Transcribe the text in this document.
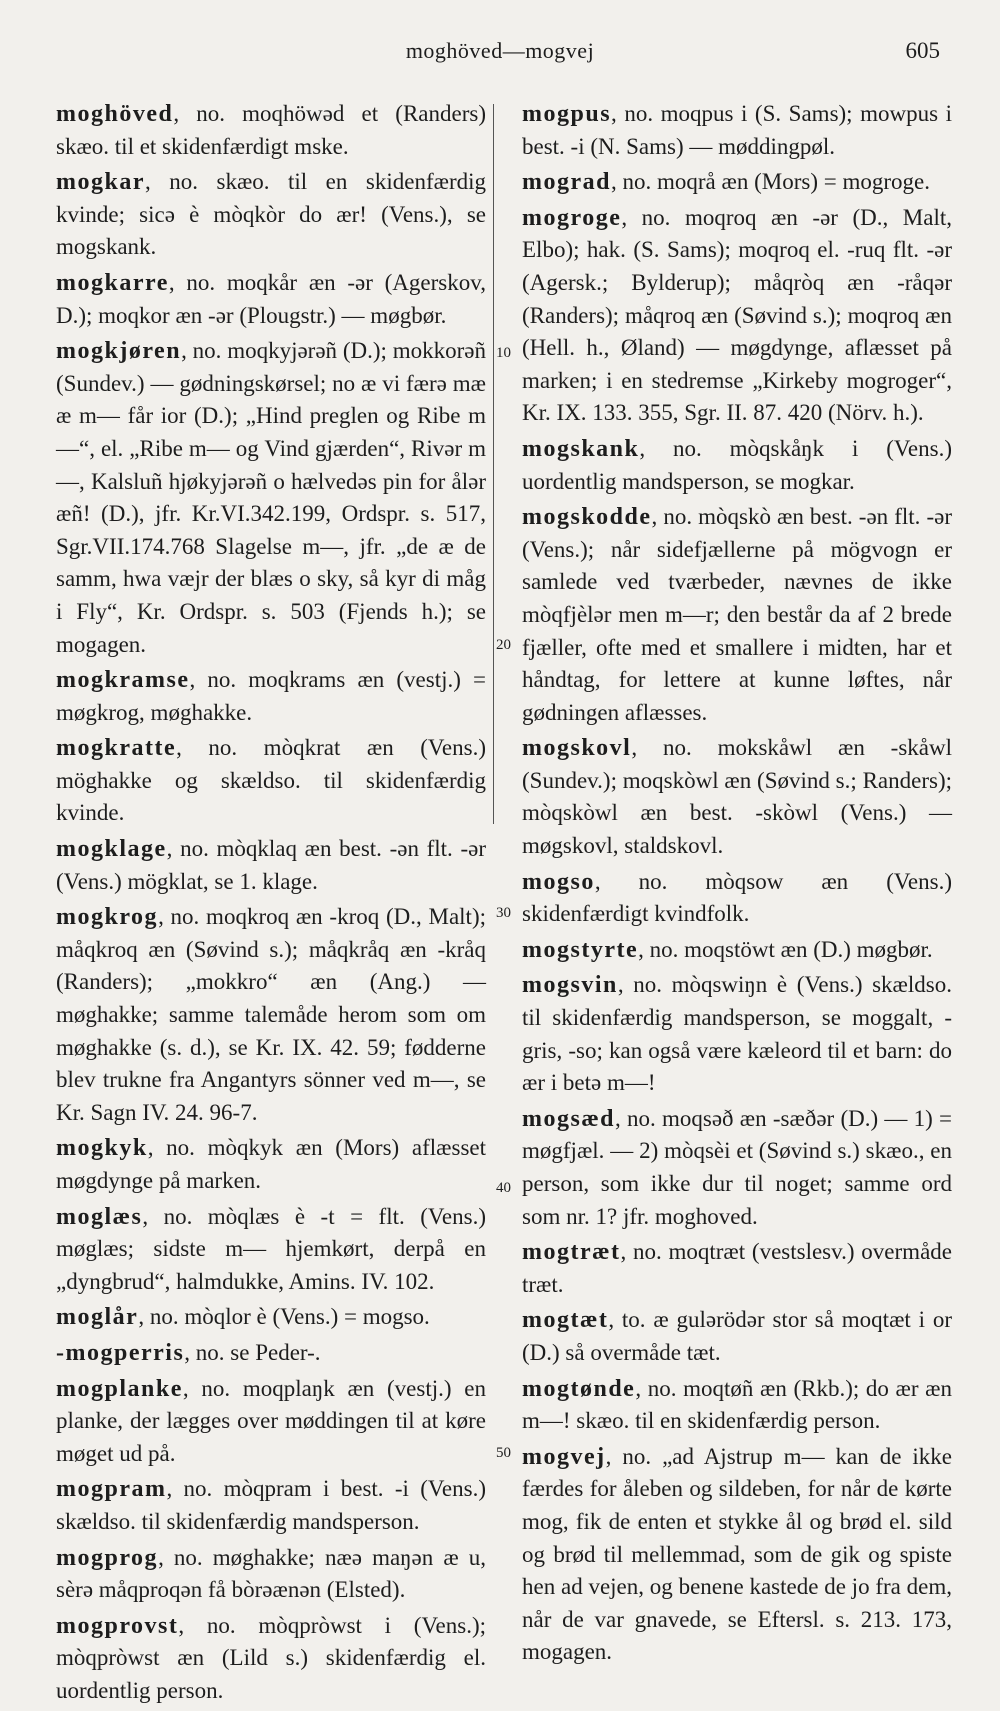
moghöved—mogvej	605
10
20
30
40
50
moghöved, no. moqhöwəd et (Randers) skæo. til et skidenfærdigt mske.
mogkar, no. skæo. til en skidenfærdig kvinde; sicə è mòqkòr do ær! (Vens.), se mogskank.
mogkarre, no. moqkår æn -ər (Agerskov, D.); moqkor æn -ər (Plougstr.) — møgbør.
mogkjøren, no. moqkyjərəñ (D.); mokkorəñ (Sundev.) — gødningskørsel; no æ vi færə mæ æ m— får ior (D.); „Hind preglen og Ribe m—“, el. „Ribe m— og Vind gjærden“, Rivər m—, Kalsluñ hjøkyjərəñ o hælvedəs pin for ålər æñ! (D.), jfr. Kr.VI.342.199, Ordspr. s. 517, Sgr.VII.174.768 Slagelse m—, jfr. „de æ de samm, hwa væjr der blæs o sky, så kyr di måg i Fly“, Kr. Ordspr. s. 503 (Fjends h.); se mogagen.
mogkramse, no. moqkrams æn (vestj.) = møgkrog, møghakke.
mogkratte, no. mòqkrat æn (Vens.) möghakke og skældso. til skidenfærdig kvinde.
mogklage, no. mòqklaq æn best. -ən flt. -ər (Vens.) mögklat, se 1. klage.
mogkrog, no. moqkroq æn -kroq (D., Malt); måqkroq æn (Søvind s.); måqkråq æn -kråq (Randers); „mokkro“ æn (Ang.) — møghakke; samme talemåde herom som om møghakke (s. d.), se Kr. IX. 42. 59; fødderne blev trukne fra Angantyrs sönner ved m—, se Kr. Sagn IV. 24. 96-7.
mogkyk, no. mòqkyk æn (Mors) aflæsset møgdynge på marken.
moglæs, no. mòqlæs è -t = flt. (Vens.) møglæs; sidste m— hjemkørt, derpå en „dyngbrud“, halmdukke, Amins. IV. 102.
moglår, no. mòqlor è (Vens.) = mogso.
-mogperris, no. se Peder-.
mogplanke, no. moqplaŋk æn (vestj.) en planke, der lægges over møddingen til at køre møget ud på.
mogpram, no. mòqpram i best. -i (Vens.) skældso. til skidenfærdig mandsperson.
mogprog, no. møghakke; næə maŋən æ u, sèrə måqproqən få bòrəænən (Elsted).
mogprovst, no. mòqpròwst i (Vens.); mòqpròwst æn (Lild s.) skidenfærdig el. uordentlig person.
mogpus, no. moqpus i (S. Sams); mowpus i best. -i (N. Sams) — møddingpøl.
mograd, no. moqrå æn (Mors) = mogroge.
mogroge, no. moqroq æn -ər (D., Malt, Elbo); hak. (S. Sams); moqroq el. -ruq flt. -ər (Agersk.; Bylderup); måqròq æn -råqər (Randers); måqroq æn (Søvind s.); moqroq æn (Hell. h., Øland) — møgdynge, aflæsset på marken; i en stedremse „Kirkeby mogroger“, Kr. IX. 133. 355, Sgr. II. 87. 420 (Nörv. h.).
mogskank, no. mòqskåŋk i (Vens.) uordentlig mandsperson, se mogkar.
mogskodde, no. mòqskò æn best. -ən flt. -ər (Vens.); når sidefjællerne på mögvogn er samlede ved tværbeder, nævnes de ikke mòqfjèlər men m—r; den består da af 2 brede fjæller, ofte med et smallere i midten, har et håndtag, for lettere at kunne løftes, når gødningen aflæsses.
mogskovl, no. mokskåwl æn -skåwl (Sundev.); moqskòwl æn (Søvind s.; Randers); mòqskòwl æn best. -skòwl (Vens.) — møgskovl, staldskovl.
mogso, no. mòqsow æn (Vens.) skidenfærdigt kvindfolk.
mogstyrte, no. moqstöwt æn (D.) møgbør.
mogsvin, no. mòqswiŋn è (Vens.) skældso. til skidenfærdig mandsperson, se moggalt, -gris, -so; kan også være kæleord til et barn: do ær i betə m—!
mogsæd, no. moqsəð æn -sæðər (D.) — 1) = møgfjæl. — 2) mòqsèi et (Søvind s.) skæo., en person, som ikke dur til noget; samme ord som nr. 1? jfr. moghoved.
mogtræt, no. moqtræt (vestslesv.) overmåde træt.
mogtæt, to. æ gulərödər stor så moqtæt i or (D.) så overmåde tæt.
mogtønde, no. moqtøñ æn (Rkb.); do ær æn m—! skæo. til en skidenfærdig person.
mogvej, no. „ad Ajstrup m— kan de ikke færdes for åleben og sildeben, for når de kørte mog, fik de enten et stykke ål og brød el. sild og brød til mellemmad, som de gik og spiste hen ad vejen, og benene kastede de jo fra dem, når de var gnavede, se Eftersl. s. 213. 173, mogagen.
